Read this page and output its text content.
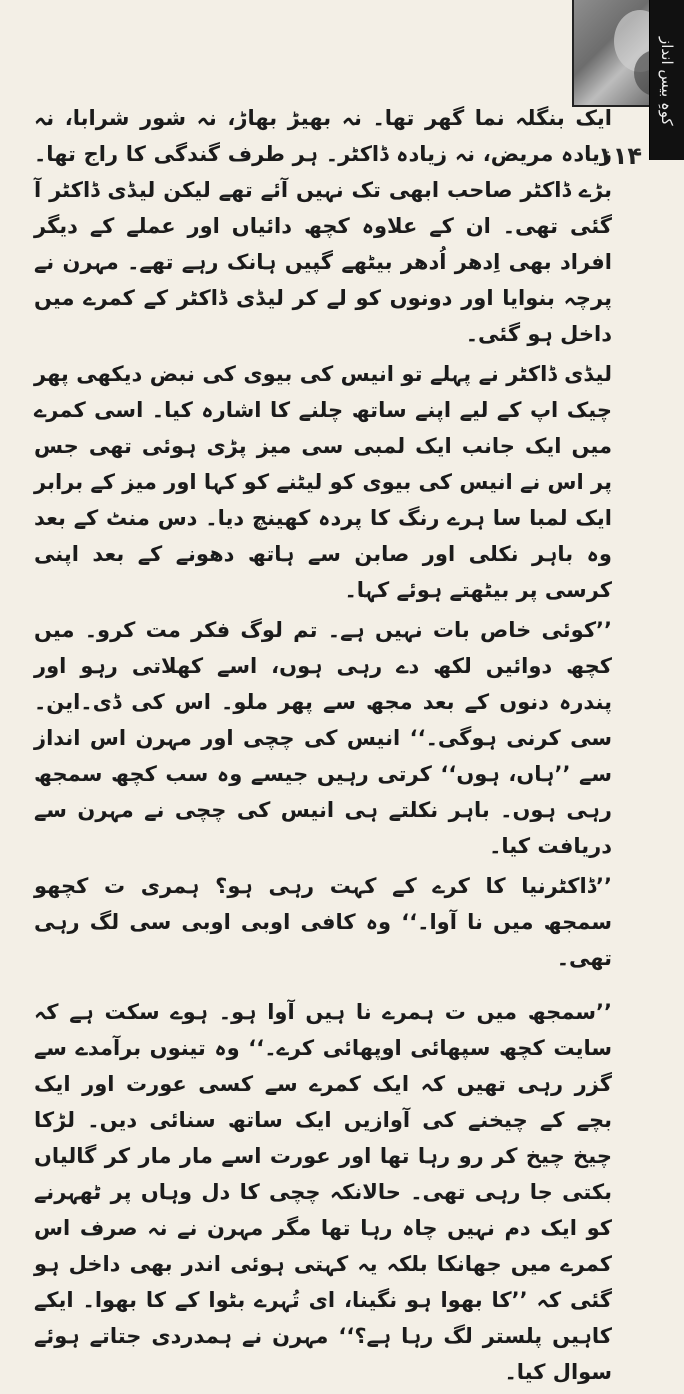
کوہِ بیس انداز
۱۱۴

ایک بنگلہ نما گھر تھا۔ نہ بھیڑ بھاڑ، نہ شور شرابا، نہ زیادہ مریض، نہ زیادہ ڈاکٹر۔ ہر طرف گندگی کا راج تھا۔ بڑے ڈاکٹر صاحب ابھی تک نہیں آئے تھے لیکن لیڈی ڈاکٹر آ گئی تھی۔ ان کے علاوہ کچھ دائیاں اور عملے کے دیگر افراد بھی اِدھر اُدھر بیٹھے گپیں ہانک رہے تھے۔ مہرن نے پرچہ بنوایا اور دونوں کو لے کر لیڈی ڈاکٹر کے کمرے میں داخل ہو گئی۔

لیڈی ڈاکٹر نے پہلے تو انیس کی بیوی کی نبض دیکھی پھر چیک اپ کے لیے اپنے ساتھ چلنے کا اشارہ کیا۔ اسی کمرے میں ایک جانب ایک لمبی سی میز پڑی ہوئی تھی جس پر اس نے انیس کی بیوی کو لیٹنے کو کہا اور میز کے برابر ایک لمبا سا ہرے رنگ کا پردہ کھینچ دیا۔ دس منٹ کے بعد وہ باہر نکلی اور صابن سے ہاتھ دھونے کے بعد اپنی کرسی پر بیٹھتے ہوئے کہا۔

’’کوئی خاص بات نہیں ہے۔ تم لوگ فکر مت کرو۔ میں کچھ دوائیں لکھ دے رہی ہوں، اسے کھلاتی رہو اور پندرہ دنوں کے بعد مجھ سے پھر ملو۔ اس کی ڈی۔این۔سی کرنی ہوگی۔‘‘ انیس کی چچی اور مہرن اس انداز سے ’’ہاں، ہوں‘‘ کرتی رہیں جیسے وہ سب کچھ سمجھ رہی ہوں۔ باہر نکلتے ہی انیس کی چچی نے مہرن سے دریافت کیا۔

’’ڈاکٹرنیا کا کرے کے کہت رہی ہو؟ ہمری ت کچھو سمجھ میں نا آوا۔‘‘ وہ کافی اوبی اوبی سی لگ رہی تھی۔

’’سمجھ میں ت ہمرے نا ہیں آوا ہو۔ ہوے سکت ہے کہ سایت کچھ سپھائی اوپھائی کرے۔‘‘ وہ تینوں برآمدے سے گزر رہی تھیں کہ ایک کمرے سے کسی عورت اور ایک بچے کے چیخنے کی آوازیں ایک ساتھ سنائی دیں۔ لڑکا چیخ چیخ کر رو رہا تھا اور عورت اسے مار مار کر گالیاں بکتی جا رہی تھی۔ حالانکہ چچی کا دل وہاں پر ٹھہرنے کو ایک دم نہیں چاہ رہا تھا مگر مہرن نے نہ صرف اس کمرے میں جھانکا بلکہ یہ کہتی ہوئی اندر بھی داخل ہو گئی کہ ’’کا بھوا ہو نگینا، ای تُہرے بٹوا کے کا بھوا۔ ایکے کاہیں پلستر لگ رہا ہے؟‘‘ مہرن نے ہمدردی جتاتے ہوئے سوال کیا۔
